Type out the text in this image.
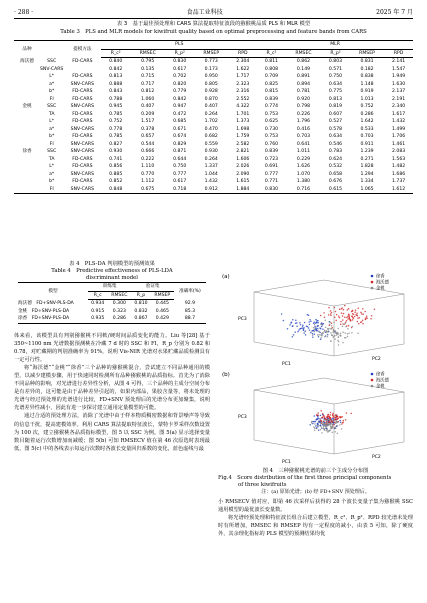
· 288 ·	食品工业科技	2025 年 7 月
表 3　基于最佳预处理和 CARS 算法提取特征波段的猕猴桃品质 PLS 和 MLR 模型
Table 3　PLS and MLR models for kiwifruit quality based on optimal preprocessing and feature bands from CARS
品种		提模方法	PLS					MLR				
			R_c²	RMSEC	R_p²	RMSEP	RPD	R_c²	RMSEC	R_p²	RMSEP	RPD
海沃德	SSC	FD-CARS	0.840	0.795	0.830	0.773	2.304	0.811	0.862	0.803	0.831	2.141
	SNV-CARS		0.842	0.135	0.617	0.173	1.622	0.808	0.149	0.571	0.182	1.547
	L*	FD-CARS	0.813	0.715	0.702	0.950	1.717	0.709	0.891	0.750	0.838	1.949
	a*	SNV-CARS	0.888	0.717	0.820	0.805	2.323	0.825	0.894	0.634	1.148	1.630
	b*	FD-CARS	0.843	0.812	0.779	0.928	2.316	0.815	0.781	0.775	0.919	2.137
	FI	FD-CARS	0.788	1.060	0.842	0.870	2.552	0.839	0.920	0.813	1.013	2.191
金桃	SSC	SNV-CARS	0.945	0.407	0.947	0.407	4.322	0.774	0.798	0.819	0.752	2.340
	TA	FD-CARS	0.785	0.209	0.472	0.264	1.701	0.753	0.226	0.607	0.286	1.617
	L*	FD-CARS	0.752	1.517	0.685	1.702	1.373	0.625	1.796	0.527	1.642	1.432
	a*	SNV-CARS	0.778	0.378	0.671	0.470	1.698	0.730	0.416	0.578	0.533	1.499
	b*	FD-CARS	0.785	0.657	0.674	0.682	1.759	0.753	0.703	0.634	0.703	1.706
	FI	SNV-CARS	0.827	0.544	0.829	0.559	2.582	0.760	0.641	0.546	0.911	1.461
徐香	SSC	SNV-CARS	0.930	0.666	0.871	0.930	2.821	0.839	1.011	0.783	1.239	2.083
	TA	FD-CARS	0.741	0.222	0.644	0.264	1.606	0.723	0.229	0.624	0.271	1.563
	L*	FD-CARS	0.856	1.110	0.750	1.337	2.026	0.691	1.626	0.532	1.828	1.482
	a*	SNV-CARS	0.885	0.770	0.777	1.044	2.090	0.777	1.070	0.658	1.294	1.686
	b*	FD-CARS	0.852	1.112	0.617	1.432	1.615	0.771	1.380	0.676	1.334	1.737
	FI	SNV-CARS	0.848	0.675	0.718	0.912	1.884	0.830	0.716	0.615	1.065	1.612
表 4　PLS-DA 判别模型的预测效果
Table 4　Predictive effectiveness of PLS-LDA
discriminant model
模型	训练集		验证集		准确率(%)
	R_c	RMSEC	R_p	RMSEP	
海沃德　FD+SNV-PLS-DA	0.934	0.300	0.810	0.445	92.9
金桃　FD+SNV-PLS-DA	0.915	0.323	0.832	0.465	85.3
徐香　FD+SNV-PLS-DA	0.935	0.286	0.867	0.429	88.7

体来看，该模型具有判别猕猴桃不同軟/硬时间品质变化的能力。Liu 等[28] 基于 350~1100 nm 光谱数据预测桃在冷藏 7 d 时的 SSC 和 FI，R_p 分别为 0.82 和 0.78，对贮藏期的判别准确率为 91%，说明 Vis-NIR 光谱对水果贮藏品质检测具有一定可行性。

将“海沃德”“金桃”“徐香”三个品种的猕猴桃混合，尝试建立不同品种通用的模型，以减少建模步骤，用于快速同时检测所有品种猕猴桃的品质指标。首先为了消除不同品种的影响，对光谱进行差异性分析，从图 4 可得，三个品种的主成分空间分布是有差异的，这可能是由于品种差异引起的，如果内部品，果胶含量等，将未处理的光谱与经过预处理的光谱进行比较，FD+SNV 预处理后的光谱分布更加聚集，说明光谱差异性减小，因此有进一步探讨建立通用定量模型的可能。

通过合适的预处理方法，消除了光谱中由于样本物质稠密数据和背景噪声等导致的信息干扰，提高建模效率。利用 CARS 算法提取特征波长，蒙特卡罗采样次数设置为 100 次，建立猕猴桃各品质指标模型，图 5 以 SSC 为例。图 5(a) 显示选择变量数目随着运行次数增加而减缓；图 5(b) 可知 RMSECV 值在第 46 次原选时表现最低，图 5(c) 中的各线表示每运行次数时各波长变量回归系数的变化，蓝色虚线与最

(a)
PC1
PC2
PC3
徐香
海沃德
金桃
(b)
PC1
PC2
PC3
徐香
海沃德
金桃
图 4　三种猕猴桃光谱的前三个主成分分布图
Fig.4　Score distribution of the first three principal components
of three kiwifruits
注：(a) 原始光谱；(b) 经 FD+SNV 预处理后。

小 RMSECV 值对应，即第 46 次采样后获得的 28 个波长变量子集为猕猴桃 SSC 通用模型的最优波长变量数。

将光谱经预处理和特征波长组合后建立模型，R_c²、R_p²、RPD 较光谱未处理时有所增加，RMSEC 和 RMSEP 均有一定程度的减小，由表 5 可知，除了硬度外，其余理化指标的 PLS 模型的预测结果均优
